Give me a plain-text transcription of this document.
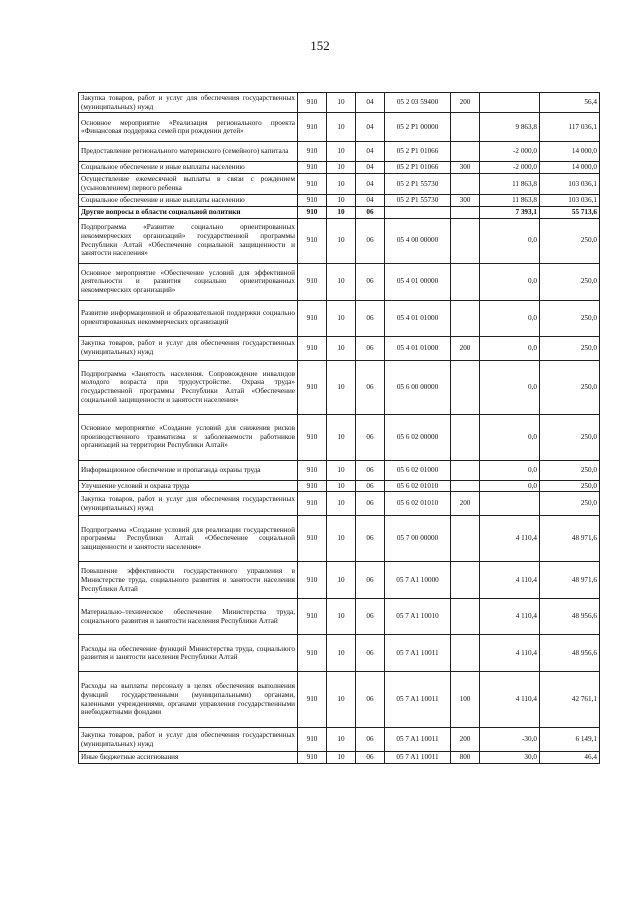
152
Закупка товаров, работ и услуг для обеспечения государственных (муниципальных) нужд	910	10	04	05 2 03 59400	200		56,4
Основное мероприятие «Реализация регионального проекта «Финансовая поддержка семей при рождении детей»	910	10	04	05 2 P1 00000		9 863,8	117 036,1
Предоставление регионального материнского (семейного) капитала	910	10	04	05 2 P1 01066		-2 000,0	14 000,0
Социальное обеспечение и иные выплаты населению	910	10	04	05 2 P1 01066	300	-2 000,0	14 000,0
Осуществление ежемесячной выплаты в связи с рождением (усыновлением) первого ребенка	910	10	04	05 2 P1 55730		11 863,8	103 036,1
Социальное обеспечение и иные выплаты населению	910	10	04	05 2 P1 55730	300	11 863,8	103 036,1
Другие вопросы в области социальной политики	910	10	06			7 393,1	55 713,6
Подпрограмма «Развитие социально ориентированных некоммерческих организаций» государственной программы Республики Алтай «Обеспечение социальной защищенности и занятости населения»	910	10	06	05 4 00 00000		0,0	250,0
Основное мероприятие «Обеспечение условий для эффективной деятельности и развития социально ориентированных некоммерческих организаций»	910	10	06	05 4 01 00000		0,0	250,0
Развитие информационной и образовательной поддержки социально ориентированных некоммерческих организаций	910	10	06	05 4 01 01000		0,0	250,0
Закупка товаров, работ и услуг для обеспечения государственных (муниципальных) нужд	910	10	06	05 4 01 01000	200	0,0	250,0
Подпрограмма «Занятость населения. Сопровождение инвалидов молодого возраста при трудоустройстве. Охрана труда» государственной программы Республики Алтай «Обеспечение социальной защищенности и занятости населения»	910	10	06	05 6 00 00000		0,0	250,0
Основное мероприятие «Создание условий для снижения рисков производственного травматизма и заболеваемости работников организаций на территории Республики Алтай»	910	10	06	05 6 02 00000		0,0	250,0
Информационное обеспечение и пропаганда охраны труда	910	10	06	05 6 02 01000		0,0	250,0
Улучшение условий и охрана труда	910	10	06	05 6 02 01010		0,0	250,0
Закупка товаров, работ и услуг для обеспечения государственных (муниципальных) нужд	910	10	06	05 6 02 01010	200		250,0
Подпрограмма «Создание условий для реализации государственной программы Республики Алтай «Обеспечение социальной защищенности и занятости населения»	910	10	06	05 7 00 00000		4 110,4	48 971,6
Повышение эффективности государственного управления в Министерстве труда, социального развития и занятости населения Республики Алтай	910	10	06	05 7 A1 10000		4 110,4	48 971,6
Материально–техническое обеспечение Министерства труда, социального развития и занятости населения Республики Алтай	910	10	06	05 7 A1 10010		4 110,4	48 956,6
Расходы на обеспечение функций Министерства труда, социального развития и занятости населения Республики Алтай	910	10	06	05 7 A1 10011		4 110,4	48 956,6
Расходы на выплаты персоналу в целях обеспечения выполнения функций государственными (муниципальными) органами, казенными учреждениями, органами управления государственными внебюджетными фондами	910	10	06	05 7 A1 10011	100	4 110,4	42 761,1
Закупка товаров, работ и услуг для обеспечения государственных (муниципальных) нужд	910	10	06	05 7 A1 10011	200	-30,0	6 149,1
Иные бюджетные ассигнования	910	10	06	05 7 A1 10011	800	30,0	46,4
